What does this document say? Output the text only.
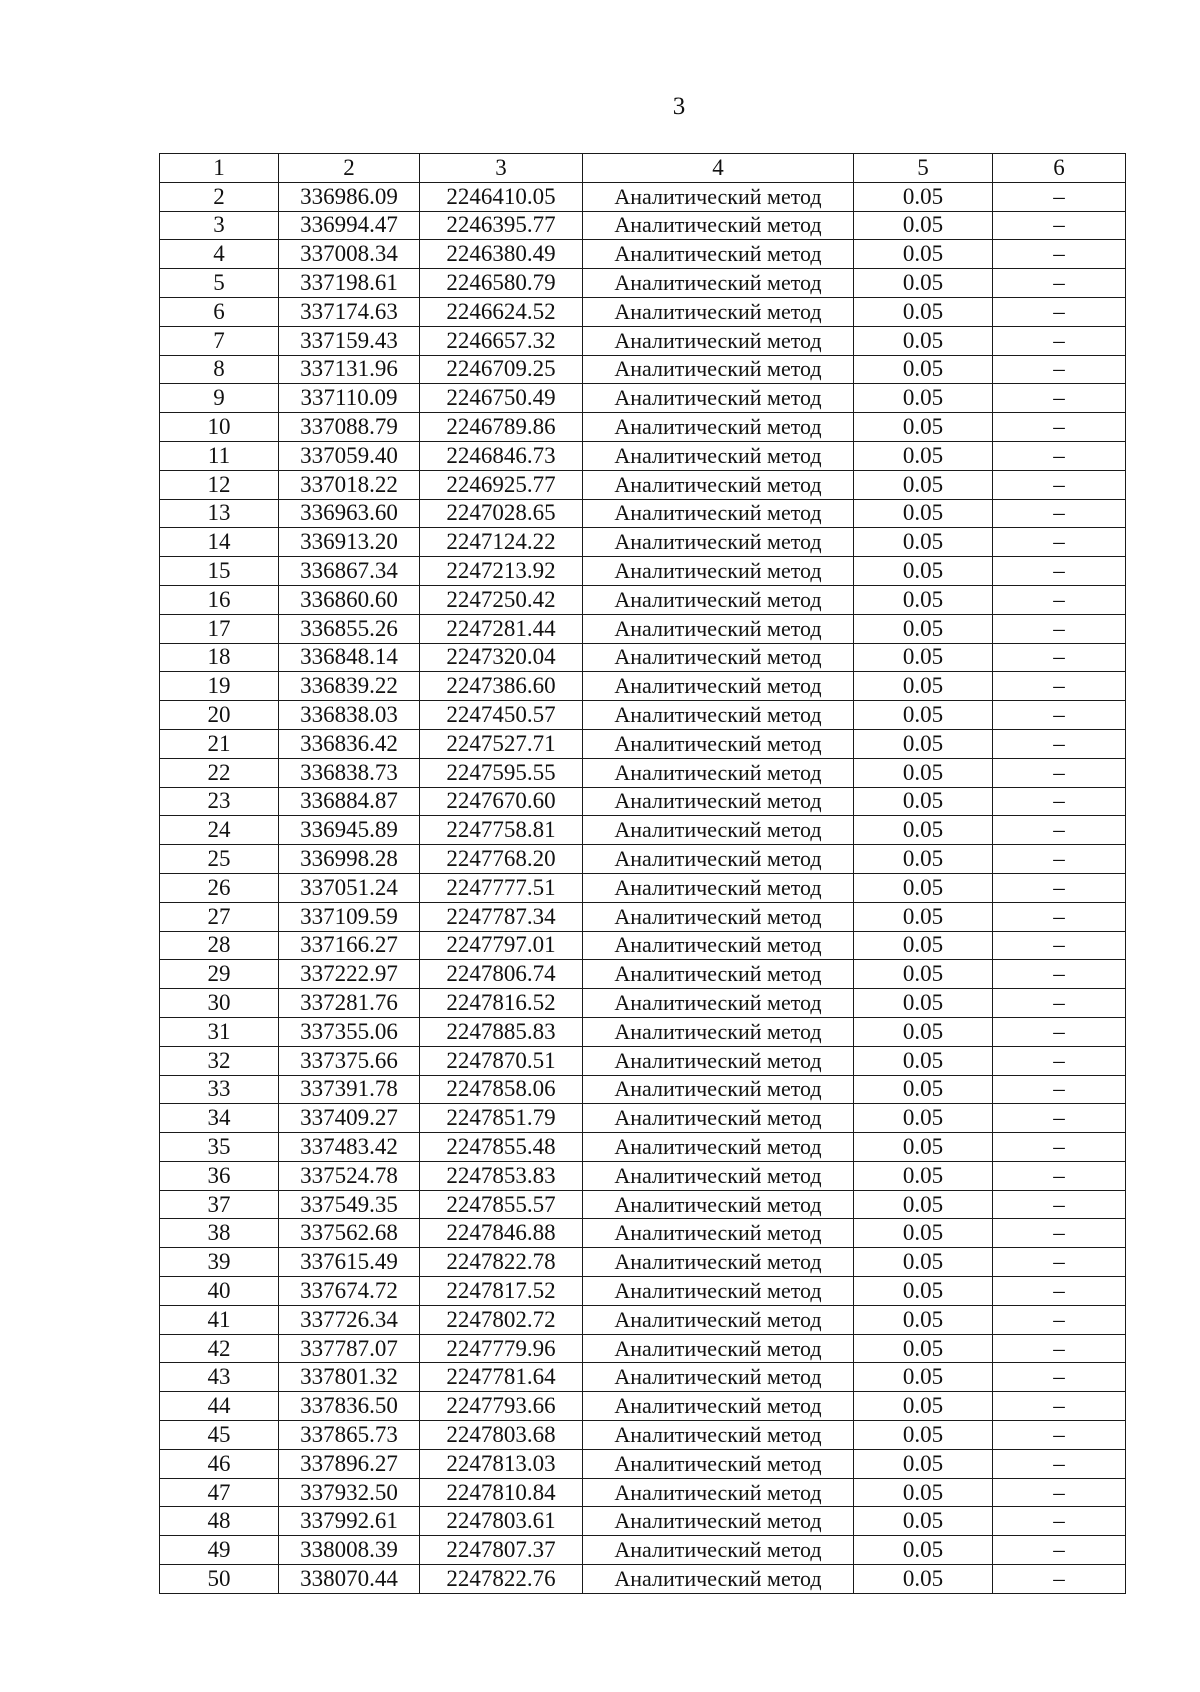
3
1	2	3	4	5	6
2	336986.09	2246410.05	Аналитический метод	0.05	–
3	336994.47	2246395.77	Аналитический метод	0.05	–
4	337008.34	2246380.49	Аналитический метод	0.05	–
5	337198.61	2246580.79	Аналитический метод	0.05	–
6	337174.63	2246624.52	Аналитический метод	0.05	–
7	337159.43	2246657.32	Аналитический метод	0.05	–
8	337131.96	2246709.25	Аналитический метод	0.05	–
9	337110.09	2246750.49	Аналитический метод	0.05	–
10	337088.79	2246789.86	Аналитический метод	0.05	–
11	337059.40	2246846.73	Аналитический метод	0.05	–
12	337018.22	2246925.77	Аналитический метод	0.05	–
13	336963.60	2247028.65	Аналитический метод	0.05	–
14	336913.20	2247124.22	Аналитический метод	0.05	–
15	336867.34	2247213.92	Аналитический метод	0.05	–
16	336860.60	2247250.42	Аналитический метод	0.05	–
17	336855.26	2247281.44	Аналитический метод	0.05	–
18	336848.14	2247320.04	Аналитический метод	0.05	–
19	336839.22	2247386.60	Аналитический метод	0.05	–
20	336838.03	2247450.57	Аналитический метод	0.05	–
21	336836.42	2247527.71	Аналитический метод	0.05	–
22	336838.73	2247595.55	Аналитический метод	0.05	–
23	336884.87	2247670.60	Аналитический метод	0.05	–
24	336945.89	2247758.81	Аналитический метод	0.05	–
25	336998.28	2247768.20	Аналитический метод	0.05	–
26	337051.24	2247777.51	Аналитический метод	0.05	–
27	337109.59	2247787.34	Аналитический метод	0.05	–
28	337166.27	2247797.01	Аналитический метод	0.05	–
29	337222.97	2247806.74	Аналитический метод	0.05	–
30	337281.76	2247816.52	Аналитический метод	0.05	–
31	337355.06	2247885.83	Аналитический метод	0.05	–
32	337375.66	2247870.51	Аналитический метод	0.05	–
33	337391.78	2247858.06	Аналитический метод	0.05	–
34	337409.27	2247851.79	Аналитический метод	0.05	–
35	337483.42	2247855.48	Аналитический метод	0.05	–
36	337524.78	2247853.83	Аналитический метод	0.05	–
37	337549.35	2247855.57	Аналитический метод	0.05	–
38	337562.68	2247846.88	Аналитический метод	0.05	–
39	337615.49	2247822.78	Аналитический метод	0.05	–
40	337674.72	2247817.52	Аналитический метод	0.05	–
41	337726.34	2247802.72	Аналитический метод	0.05	–
42	337787.07	2247779.96	Аналитический метод	0.05	–
43	337801.32	2247781.64	Аналитический метод	0.05	–
44	337836.50	2247793.66	Аналитический метод	0.05	–
45	337865.73	2247803.68	Аналитический метод	0.05	–
46	337896.27	2247813.03	Аналитический метод	0.05	–
47	337932.50	2247810.84	Аналитический метод	0.05	–
48	337992.61	2247803.61	Аналитический метод	0.05	–
49	338008.39	2247807.37	Аналитический метод	0.05	–
50	338070.44	2247822.76	Аналитический метод	0.05	–
